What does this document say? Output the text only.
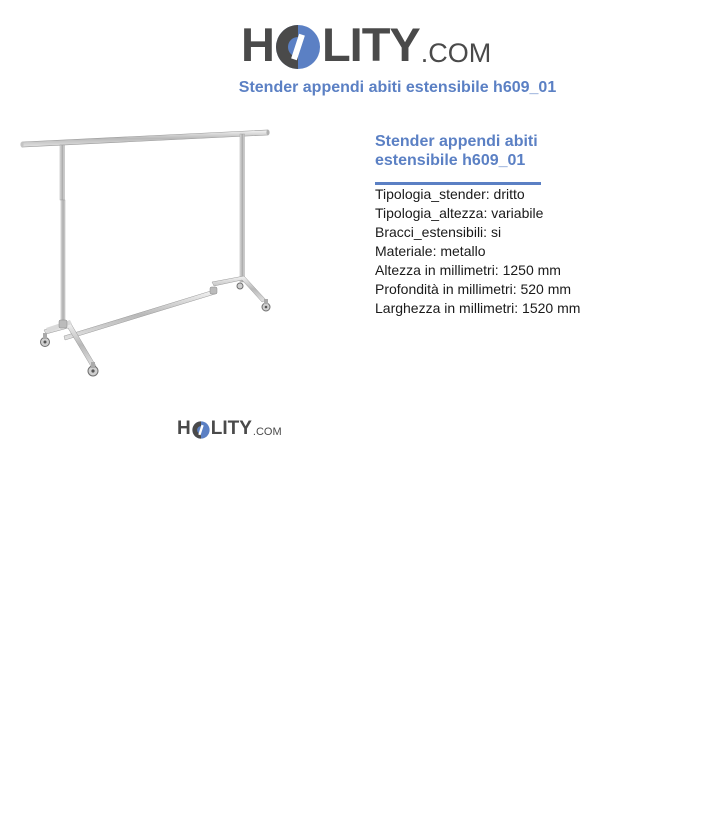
H LITY .COM
Stender appendi abiti estensibile h609_01
H LITY .COM
Stender appendi abiti estensibile h609_01
Tipologia_stender: dritto
Tipologia_altezza: variabile
Bracci_estensibili: si
Materiale: metallo
Altezza in millimetri: 1250 mm
Profondità in millimetri: 520 mm
Larghezza in millimetri: 1520 mm
